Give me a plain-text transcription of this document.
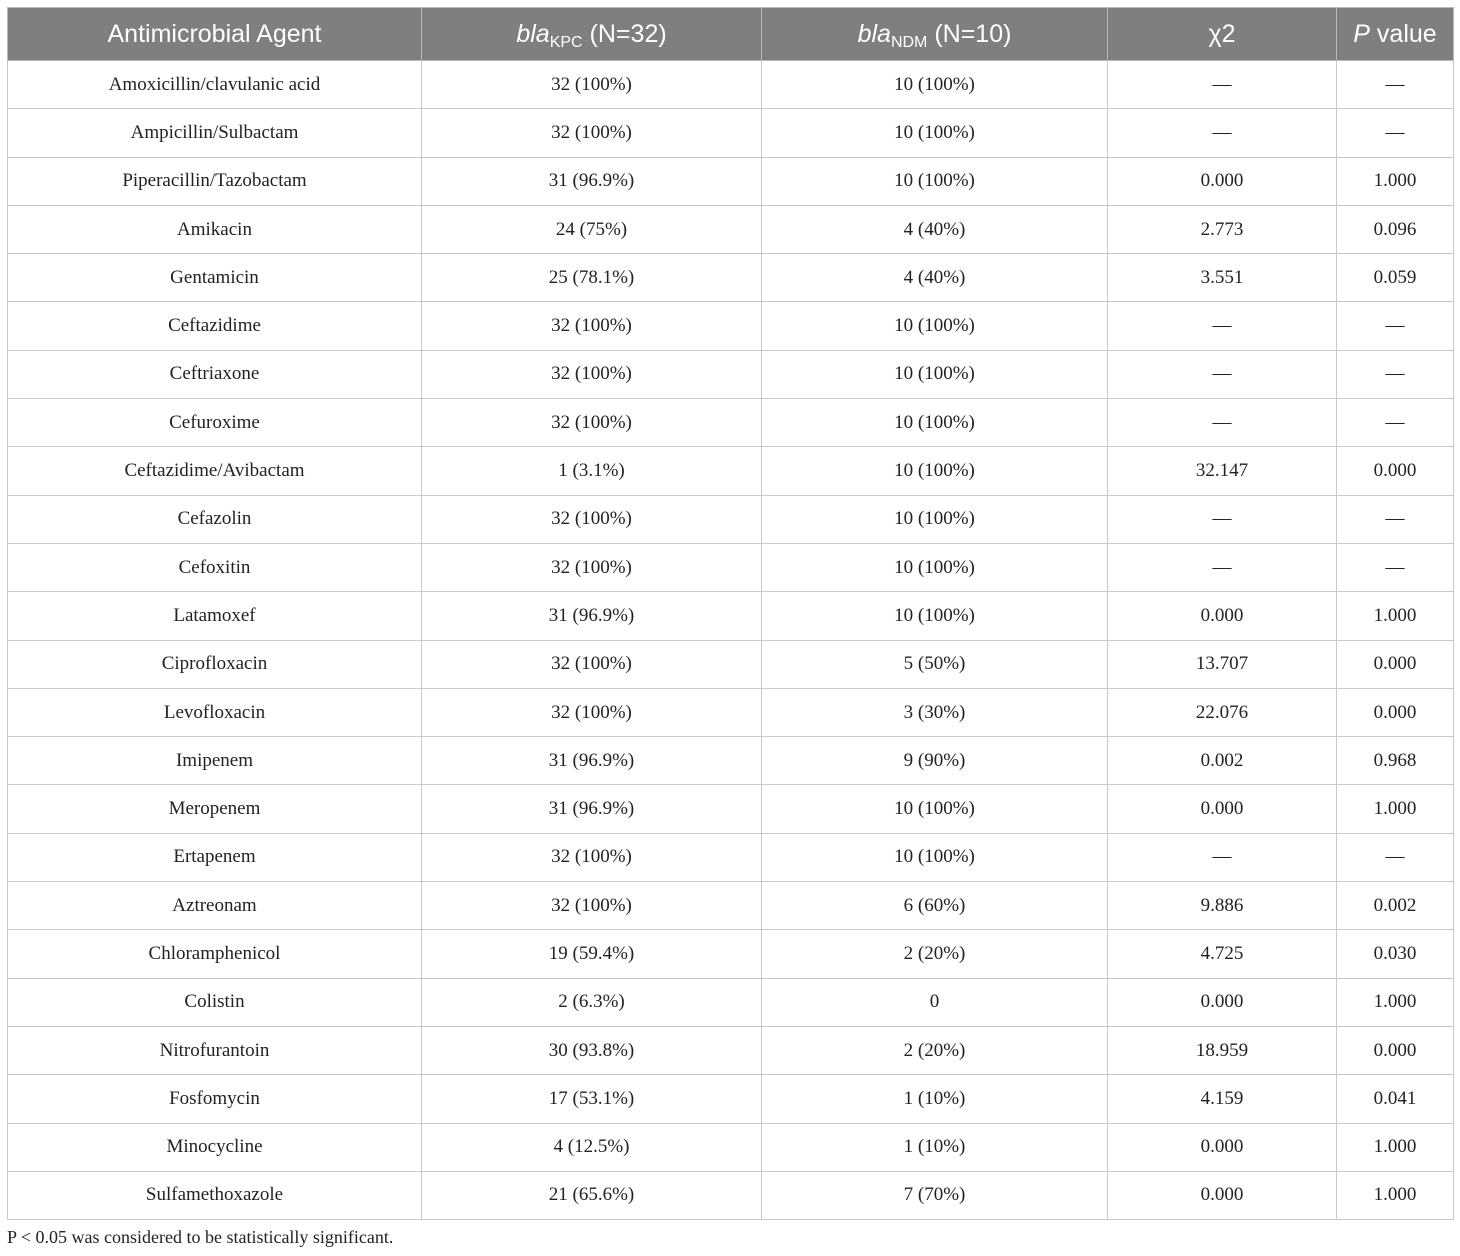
Antimicrobial Agent	bla$_{KPC}$ (N=32)	bla$_{NDM}$ (N=10)	χ2	P value
Amoxicillin/clavulanic acid	32 (100%)	10 (100%)	—	—
Ampicillin/Sulbactam	32 (100%)	10 (100%)	—	—
Piperacillin/Tazobactam	31 (96.9%)	10 (100%)	0.000	1.000
Amikacin	24 (75%)	4 (40%)	2.773	0.096
Gentamicin	25 (78.1%)	4 (40%)	3.551	0.059
Ceftazidime	32 (100%)	10 (100%)	—	—
Ceftriaxone	32 (100%)	10 (100%)	—	—
Cefuroxime	32 (100%)	10 (100%)	—	—
Ceftazidime/Avibactam	1 (3.1%)	10 (100%)	32.147	0.000
Cefazolin	32 (100%)	10 (100%)	—	—
Cefoxitin	32 (100%)	10 (100%)	—	—
Latamoxef	31 (96.9%)	10 (100%)	0.000	1.000
Ciprofloxacin	32 (100%)	5 (50%)	13.707	0.000
Levofloxacin	32 (100%)	3 (30%)	22.076	0.000
Imipenem	31 (96.9%)	9 (90%)	0.002	0.968
Meropenem	31 (96.9%)	10 (100%)	0.000	1.000
Ertapenem	32 (100%)	10 (100%)	—	—
Aztreonam	32 (100%)	6 (60%)	9.886	0.002
Chloramphenicol	19 (59.4%)	2 (20%)	4.725	0.030
Colistin	2 (6.3%)	0	0.000	1.000
Nitrofurantoin	30 (93.8%)	2 (20%)	18.959	0.000
Fosfomycin	17 (53.1%)	1 (10%)	4.159	0.041
Minocycline	4 (12.5%)	1 (10%)	0.000	1.000
Sulfamethoxazole	21 (65.6%)	7 (70%)	0.000	1.000
P < 0.05 was considered to be statistically significant.
